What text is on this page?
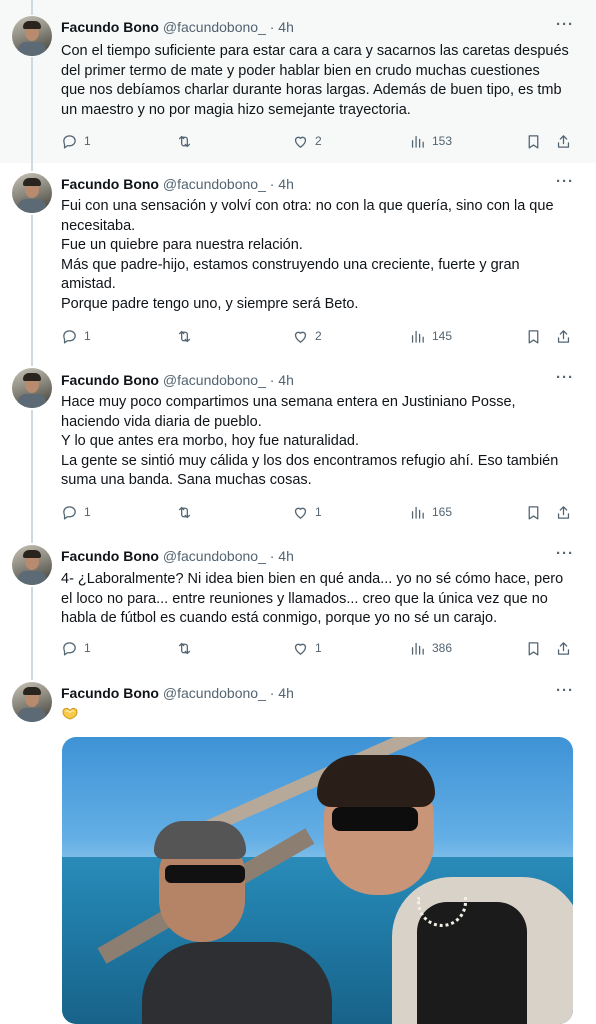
Facundo Bono @facundobono_ · 4h	···
Con el tiempo suficiente para estar cara a cara y sacarnos las caretas después
del primer termo de mate y poder hablar bien en crudo muchas cuestiones
que nos debíamos charlar durante horas largas. Además de buen tipo, es tmb
un maestro y no por magia hizo semejante trayectoria.
1	2	153
Facundo Bono @facundobono_ · 4h	···
Fui con una sensación y volví con otra: no con la que quería, sino con la que
necesitaba.
Fue un quiebre para nuestra relación.
Más que padre-hijo, estamos construyendo una creciente, fuerte y gran
amistad.
Porque padre tengo uno, y siempre será Beto.
1	2	145
Facundo Bono @facundobono_ · 4h	···
Hace muy poco compartimos una semana entera en Justiniano Posse,
haciendo vida diaria de pueblo.
Y lo que antes era morbo, hoy fue naturalidad.
La gente se sintió muy cálida y los dos encontramos refugio ahí. Eso también
suma una banda. Sana muchas cosas.
1	1	165
Facundo Bono @facundobono_ · 4h	···
4- ¿Laboralmente? Ni idea bien bien en qué anda... yo no sé cómo hace, pero
el loco no para... entre reuniones y llamados... creo que la única vez que no
habla de fútbol es cuando está conmigo, porque yo no sé un carajo.
1	1	386
Facundo Bono @facundobono_ · 4h	···
